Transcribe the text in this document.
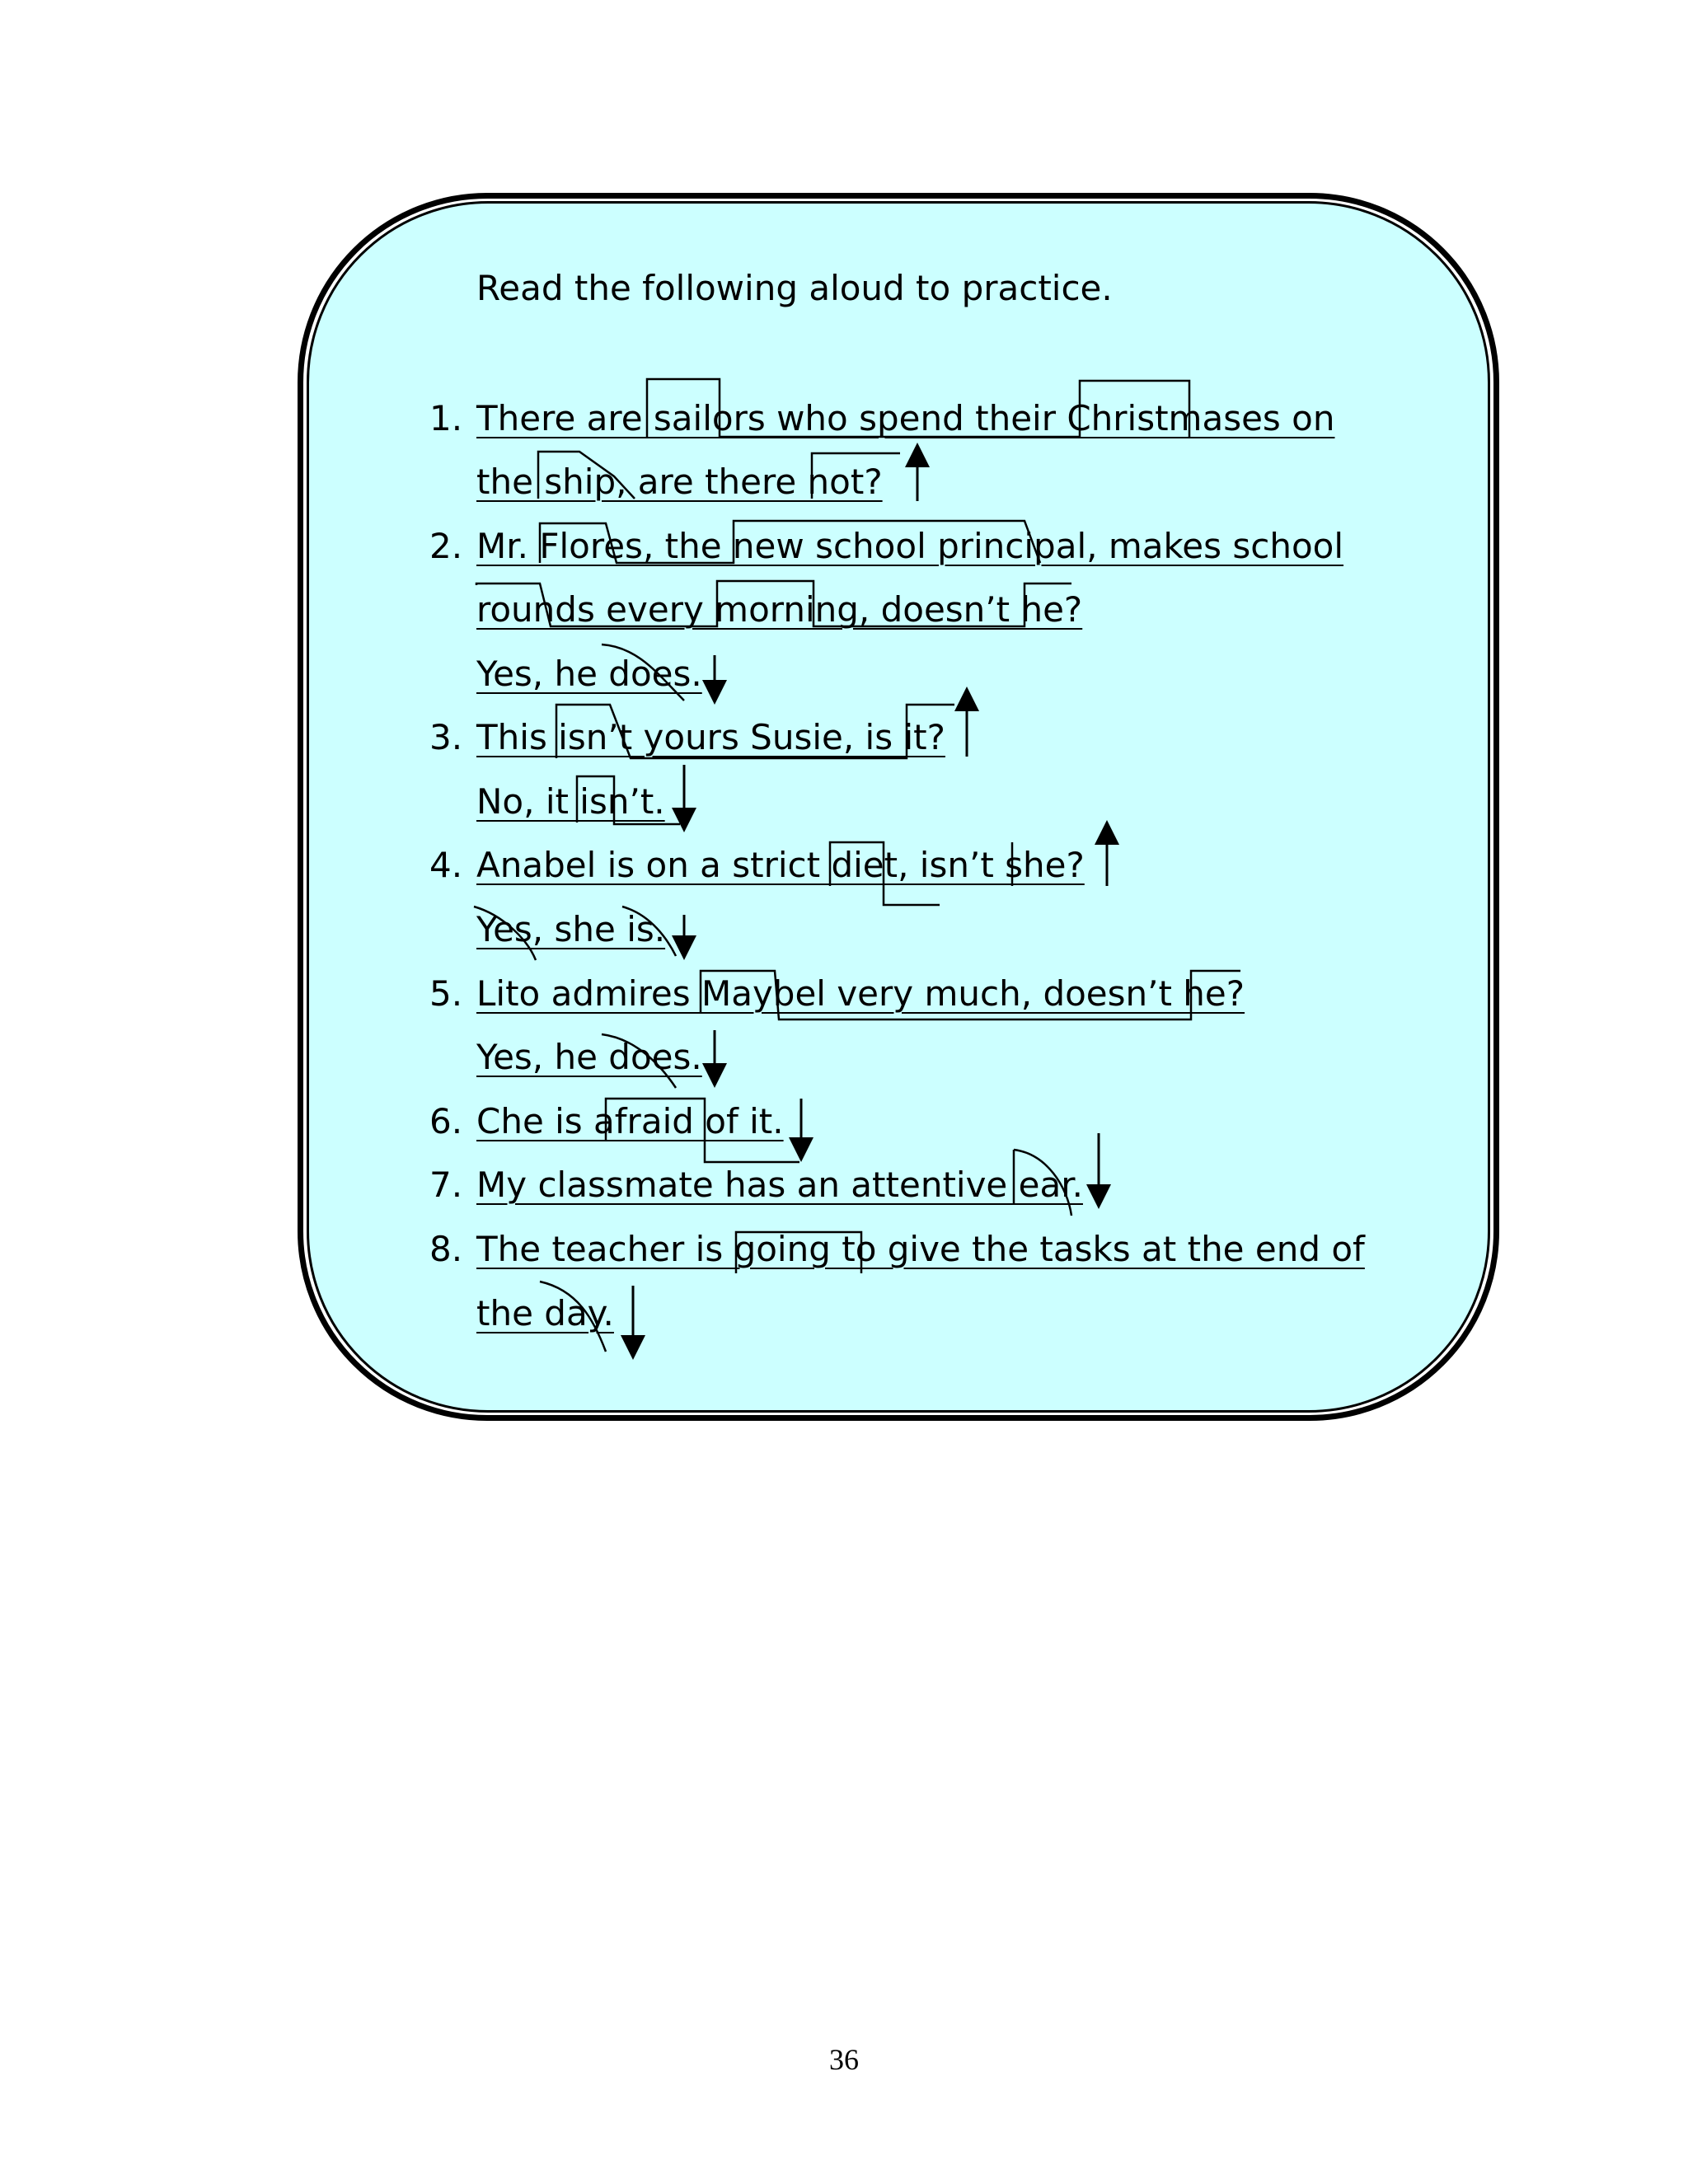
Read the following aloud to practice.
1. There are sailors who spend their Christmases on
the ship, are there not?
2. Mr. Flores, the new school principal, makes school
rounds every morning, doesn’t he?
Yes, he does.
3. This isn’t yours Susie, is it?
No, it isn’t.
4. Anabel is on a strict diet, isn’t she?
Yes, she is.
5. Lito admires Maybel very much, doesn’t he?
Yes, he does.
6. Che is afraid of it.
7. My classmate has an attentive ear.
8. The teacher is going to give the tasks at the end of
the day.
36
